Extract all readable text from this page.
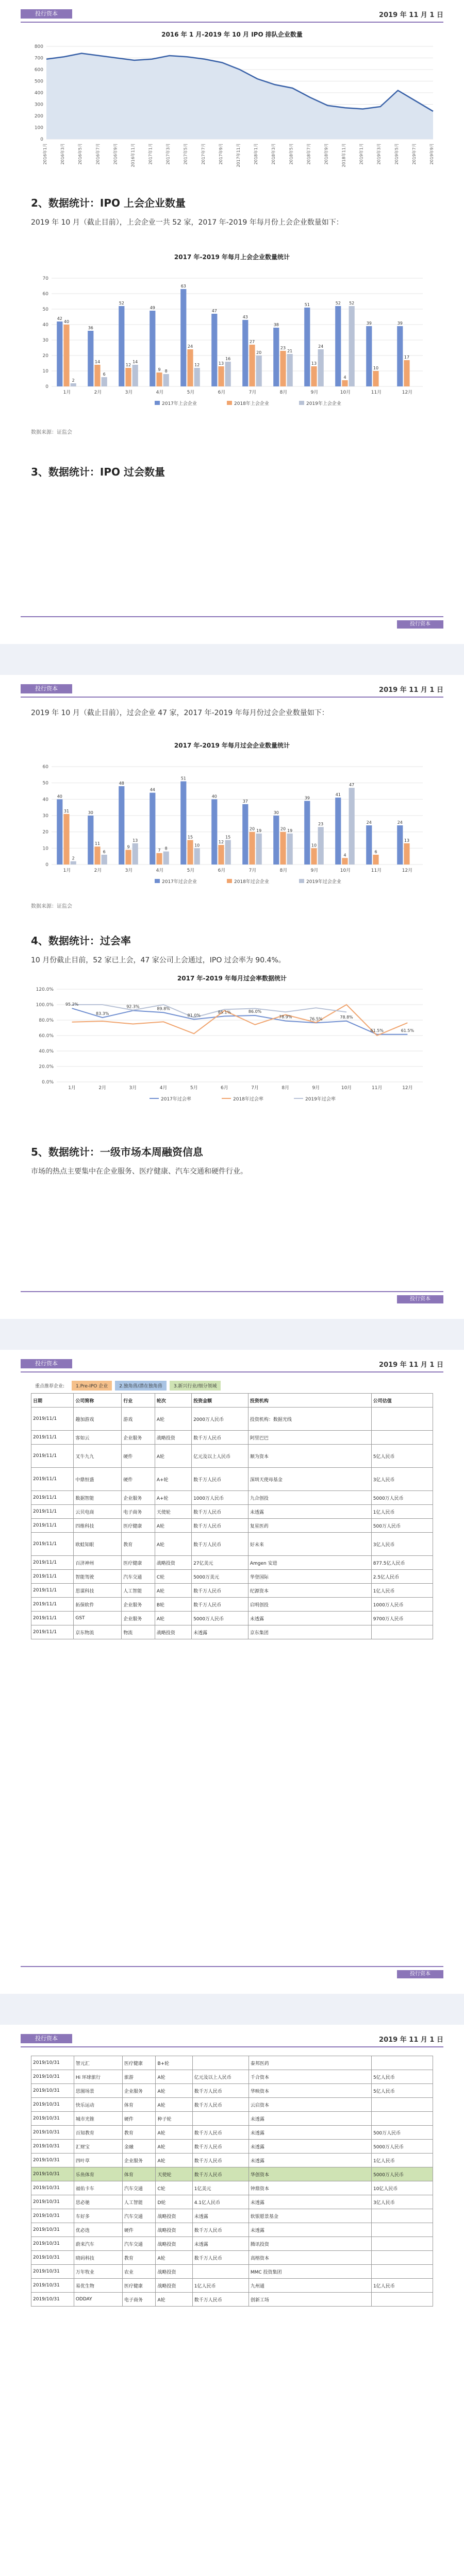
投行资本	2019 年 11 月 1 日
2016 年 1 月-2019 年 10 月 IPO 排队企业数量
0
100
200
300
400
500
600
700
800
2016年1月	2016年3月	2016年5月	2016年7月	2016年9月	2016年11月	2017年1月	2017年3月	2017年5月	2017年7月	2017年9月	2017年11月	2018年1月	2018年3月	2018年5月	2018年7月	2018年9月	2018年11月	2019年1月	2019年3月	2019年5月	2019年7月	2019年9月
2、数据统计：IPO 上会企业数量
2019 年 10 月（截止目前），上会企业一共 52 家，2017 年-2019 年每月份上会企业数量如下：
2017 年-2019 年每月上会企业数量统计
0
10
20
30
40
50
60
70
42
40
2
1月
36
14
6
2月
52
12
14
3月
49
9 8
4月
63
24
12
5月
47
13
16
6月
43
27
20
7月
38
23
21
8月
51
13
24
9月
52
4
52
10月
39
10
11月
39
17
12月
2017年上会企业	2018年上会企业	2019年上会企业
数据来源：证监会
3、数据统计：IPO 过会数量
投行资本
投行资本	2019 年 11 月 1 日
2019 年 10 月（截止目前），过会企业 47 家，2017 年-2019 年每月份过会企业数量如下：
2017 年-2019 年每月过会企业数量统计
0
10
20
30
40
50
60
40
31
2
1月
30
11
6
2月
48
9
13
3月
44
7 8
4月
51
15
10
5月
40
12
15
6月
37
20 19
7月
30
20 19
8月
39
10
23
9月
41
4
47
10月
24
6
11月
24
13
12月
2017年过会企业	2018年过会企业	2019年过会企业
数据来源：证监会
4、数据统计：过会率
10 月份截止目前，52 家已上会，47 家公司上会通过，IPO 过会率为 90.4%。
2017 年-2019 年每月过会率数据统计
0.0%
20.0%
40.0%
60.0%
80.0%
100.0%
120.0%
1月	2月	3月	4月	5月	6月	7月	8月	9月	10月	11月	12月
95.2%
83.3%
92.3%	89.8%
81.0%
85.1%	86.0%
78.9%	76.5%	78.8%
61.5%	61.5%
2017年过会率	2018年过会率	2019年过会率
5、数据统计：一级市场本周融资信息
市场的热点主要集中在企业服务、医疗健康、汽车交通和硬件行业。
投行资本
投行资本	2019 年 11 月 1 日
重点推荐企业:	1.Pre-IPO 企业	2.独角兽/潜在独角兽	3.新兴行业/细分领域
日期	公司简称	行业	轮次	投资金额	投资机构	公司估值
2019/11/1	趣加游戏	游戏	A轮	2000万人民币	投资机构：数据光线	
2019/11/1	客如云	企业服务	战略投资	数千万人民币	阿里巴巴	
2019/11/1	叉牛九九	硬件	A轮	亿元及以上人民币	顺为资本	5亿人民币
2019/11/1	中鼎恒盛	硬件	A+轮	数千万人民币	深圳天使母基金	3亿人民币
2019/11/1	数据智能	企业服务	A+轮	1000万人民币	九合创投	5000万人民币
2019/11/1	云贝电商	电子商务	天使轮	数千万人民币	未透露	1亿人民币
2019/11/1	四维科技	医疗健康	A轮	数千万人民币	复星医药	500万人民币
2019/11/1	欧蛙知眼	教育	A轮	数千万人民币	好未来	3亿人民币
2019/11/1	百济神州	医疗健康	战略投资	27亿美元	Amgen 安进	877.5亿人民币
2019/11/1	智能驾驶	汽车交通	C轮	5000万美元	华登国际	2.5亿人民币
2019/11/1	思谋科技	人工智能	A轮	数千万人民币	纪源资本	1亿人民币
2019/11/1	拓保软件	企业服务	B轮	数千万人民币	启明创投	1000万人民币
2019/11/1	GST	企业服务	A轮	5000万人民币	未透露	9700万人民币
2019/11/1	京东物流	物流	战略投资	未透露	京东集团	
投行资本
投行资本	2019 年 11 月 1 日
2019/10/31	智元汇	医疗健康	B+轮		泰邦医药	
2019/10/31	Hi 环球旅行	旅游	A轮	亿元及以上人民币	千合资本	5亿人民币
2019/10/31	思图场景	企业服务	A轮	数千万人民币	华映资本	5亿人民币
2019/10/31	快乐运动	体育	A轮	数千万人民币	云启资本	
2019/10/31	城市光锥	硬件	种子轮		未透露	
2019/10/31	百知教育	教育	A轮	数千万人民币	未透露	500万人民币
2019/10/31	汇财宝	金融	A轮	数千万人民币	未透露	5000万人民币
2019/10/31	四叶草	企业服务	A轮	数千万人民币	未透露	1亿人民币
2019/10/31	乐鱼体育	体育	天使轮	数千万人民币	华创资本	5000万人民币
2019/10/31	福佑卡车	汽车交通	C轮	1亿美元	钟鼎资本	10亿人民币
2019/10/31	思必驰	人工智能	D轮	4.1亿人民币	未透露	3亿人民币
2019/10/31	车好多	汽车交通	战略投资	未透露	软银愿景基金	
2019/10/31	优必选	硬件	战略投资	数千万人民币	未透露	
2019/10/31	蔚来汽车	汽车交通	战略投资	未透露	腾讯投资	
2019/10/31	晓码科技	教育	A轮	数千万人民币	高榕资本	
2019/10/31	万年牧业	农业	战略投资		MMC 投资集团	
2019/10/31	易优生物	医疗健康	战略投资	1亿人民币	九州通	1亿人民币
2019/10/31	ODDAY	电子商务	A轮	数千万人民币	创新工场	
